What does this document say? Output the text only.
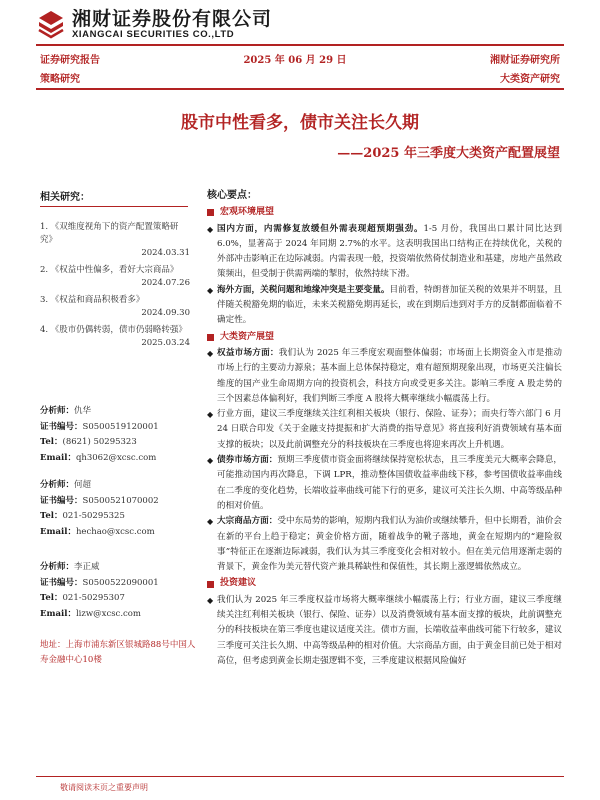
湘财证券股份有限公司
XIANGCAI SECURITIES CO.,LTD
证券研究报告	2025 年 06 月 29 日	湘财证券研究所
策略研究	大类资产研究
股市中性看多，债市关注长久期
——2025 年三季度大类资产配置展望
相关研究：
1. 《双维度视角下的资产配置策略研究》
2024.03.31
2. 《权益中性偏多，看好大宗商品》
2024.07.26
3. 《权益和商品积极看多》
2024.09.30
4. 《股市仍偶转弱，债市仍弱略转强》
2025.03.24
分析师：仇华
证书编号：S0500519120001
Tel：(8621) 50295323
Email：qh3062@xcsc.com
分析师：何超
证书编号：S0500521070002
Tel：021-50295325
Email：hechao@xcsc.com
分析师：李正威
证书编号：S0500522090001
Tel：021-50295307
Email：lizw@xcsc.com
地址：上海市浦东新区银城路88号中国人寿金融中心10楼
核心要点：
宏观环境展望
◆ 国内方面，内需修复放缓但外需表现超预期强劲。1-5 月份，我国出口累计同比达到 6.0%，显著高于 2024 年同期 2.7%的水平。这表明我国出口结构正在持续优化，关税的外部冲击影响正在边际减弱。内需表现一般，投资端依然倚仗制造业和基建，房地产虽然政策频出，但受制于供需两端的掣肘，依然持续下滑。
◆ 海外方面，关税问题和地缘冲突是主要变量。目前看，特朗普加征关税的效果并不明显，且伴随关税豁免期的临近，未来关税豁免期再延长，或在到期后违到对手方的反制都面临着不确定性。
大类资产展望
◆ 权益市场方面：我们认为 2025 年三季度宏观面整体偏弱；市场面上长期资金入市是推动市场上行的主要动力源泉；基本面上总体保持稳定，难有超预期现象出现，市场更关注偏长维度的国产业生命周期方向的投资机会，科技方向或受更多关注。影响三季度 A 股走势的三个因素总体偏利好，我们判断三季度 A 股将大概率继续小幅震荡上行。
◆ 行业方面，建议三季度继续关注红利相关板块（银行、保险、证券）；而央行等六部门 6 月 24 日联合印发《关于金融支持提振和扩大消费的指导意见》将直接利好消费领域有基本面支撑的板块；以及此前调整充分的科技板块在三季度也将迎来再次上升机遇。
◆ 债券市场方面：预期三季度债市资金面将继续保持宽松状态，且三季度美元大概率会降息，可能推动国内再次降息，下调 LPR，推动整体国债收益率曲线下移，参考国债收益率曲线在二季度的变化趋势，长端收益率曲线可能下行的更多，建议可关注长久期、中高等级品种的相对价值。
◆ 大宗商品方面：受中东局势的影响，短期内我们认为油价或继续攀升，但中长期看，油价会在新的平台上趋于稳定；黄金价格方面，随着战争的靴子落地，黄金在短期内的“避险叙事”特征正在逐渐边际减弱，我们认为其三季度变化会相对较小。但在美元信用逐渐走弱的背景下，黄金作为美元替代资产兼具稀缺性和保值性，其长期上涨逻辑依然成立。
投资建议
◆ 我们认为 2025 年三季度权益市场将大概率继续小幅震荡上行；行业方面，建议三季度继续关注红利相关板块（银行、保险、证券）以及消费领域有基本面支撑的板块，此前调整充分的科技板块在第三季度也建议适度关注。债市方面，长端收益率曲线可能下行较多，建议三季度可关注长久期、中高等级品种的相对价值。大宗商品方面，由于黄金目前已处于相对高位，但考虑到黄金长期走强逻辑不变，三季度建议根据风险偏好
敬请阅读末页之重要声明
